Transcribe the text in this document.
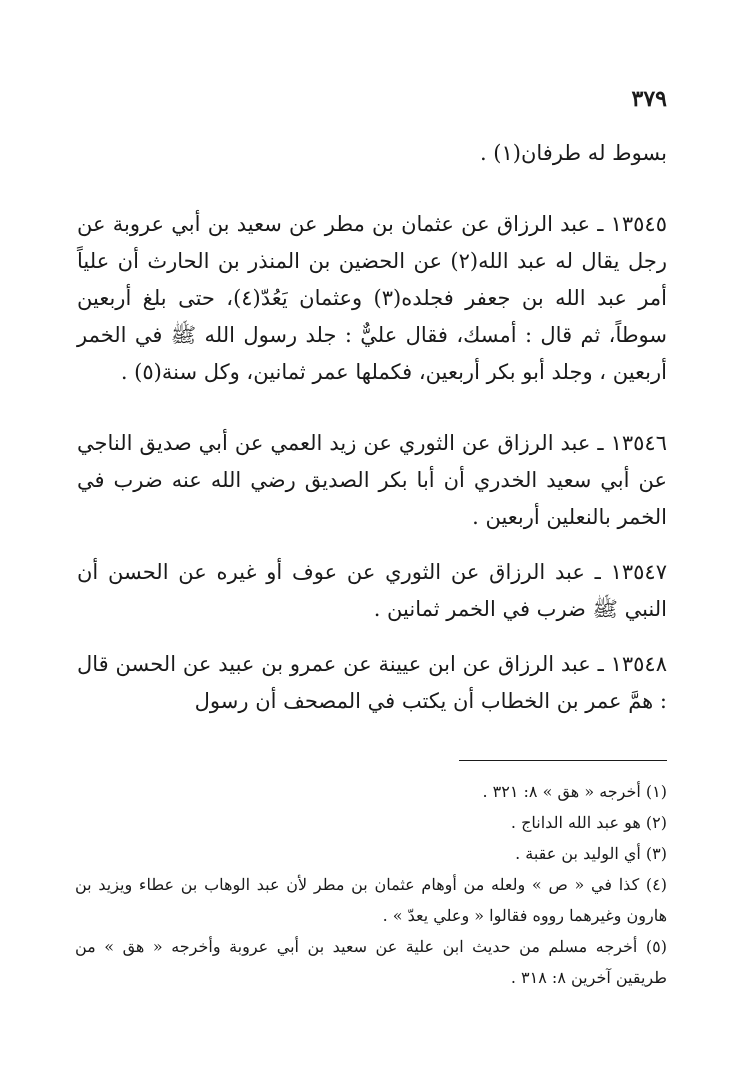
٣٧٩

بسوط له طرفان(١) .

١٣٥٤٥ ـ عبد الرزاق عن عثمان بن مطر عن سعيد بن أبي عروبة عن رجل يقال له عبد الله(٢) عن الحضين بن المنذر بن الحارث أن علياً أمر عبد الله بن جعفر فجلده(٣) وعثمان يَعُدّ(٤)، حتى بلغ أربعين سوطاً، ثم قال : أمسك، فقال عليٌّ : جلد رسول الله ﷺ في الخمر أربعين ، وجلد أبو بكر أربعين، فكملها عمر ثمانين، وكل سنة(٥) .

١٣٥٤٦ ـ عبد الرزاق عن الثوري عن زيد العمي عن أبي صديق الناجي عن أبي سعيد الخدري أن أبا بكر الصديق رضي الله عنه ضرب في الخمر بالنعلين أربعين .

١٣٥٤٧ ـ عبد الرزاق عن الثوري عن عوف أو غيره عن الحسن أن النبي ﷺ ضرب في الخمر ثمانين .

١٣٥٤٨ ـ عبد الرزاق عن ابن عيينة عن عمرو بن عبيد عن الحسن قال : همَّ عمر بن الخطاب أن يكتب في المصحف أن رسول

(١) أخرجه « هق » ٨: ٣٢١ .

(٢) هو عبد الله الداناج .

(٣) أي الوليد بن عقبة .

(٤) كذا في « ص » ولعله من أوهام عثمان بن مطر لأن عبد الوهاب بن عطاء ويزيد بن هارون وغيرهما رووه فقالوا « وعلي يعدّ » .

(٥) أخرجه مسلم من حديث ابن علية عن سعيد بن أبي عروبة وأخرجه « هق » من طريقين آخرين ٨: ٣١٨ .
